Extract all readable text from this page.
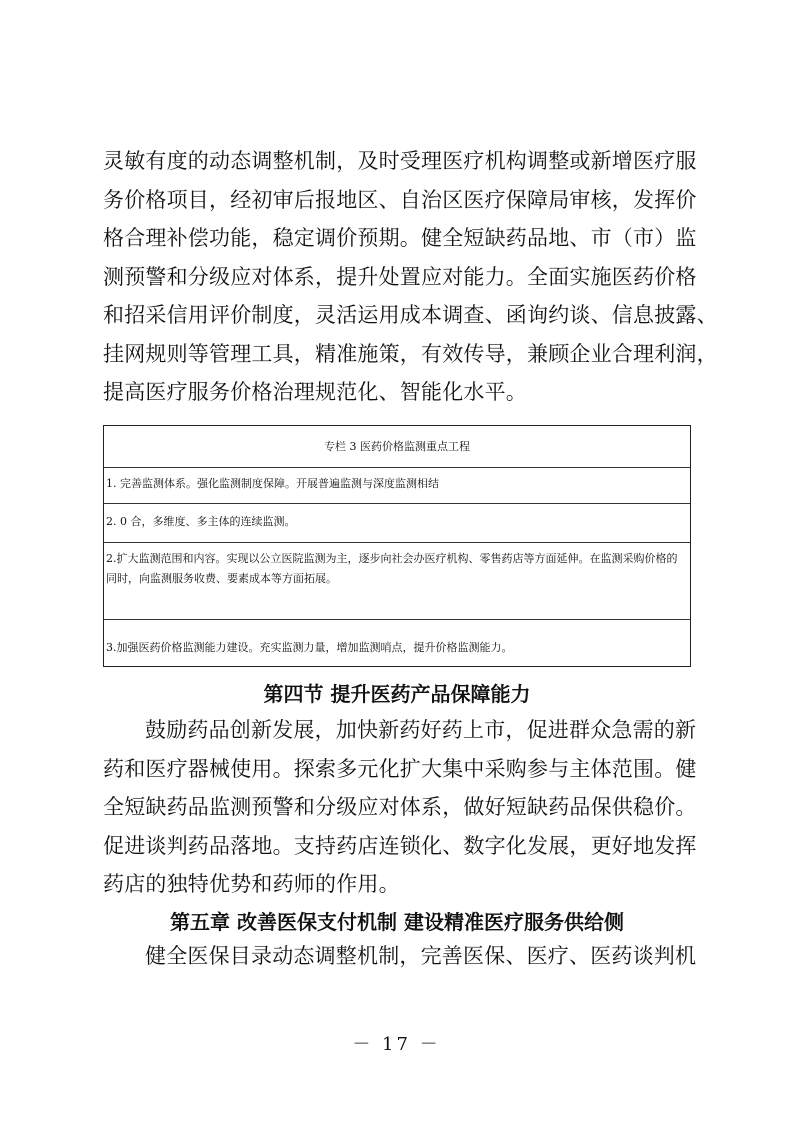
灵敏有度的动态调整机制，及时受理医疗机构调整或新增医疗服
务价格项目，经初审后报地区、自治区医疗保障局审核，发挥价
格合理补偿功能，稳定调价预期。健全短缺药品地、市（市）监
测预警和分级应对体系，提升处置应对能力。全面实施医药价格
和招采信用评价制度，灵活运用成本调查、函询约谈、信息披露、
挂网规则等管理工具，精准施策，有效传导，兼顾企业合理利润，
提高医疗服务价格治理规范化、智能化水平。
专栏 3 医药价格监测重点工程
1. 完善监测体系。强化监测制度保障。开展普遍监测与深度监测相结
2. 0 合，多维度、多主体的连续监测。
2.扩大监测范围和内容。实现以公立医院监测为主，逐步向社会办医疗机构、零售药店等方面延伸。在监测采购价格的同时，向监测服务收费、要素成本等方面拓展。
3.加强医药价格监测能力建设。充实监测力量，增加监测哨点，提升价格监测能力。
第四节 提升医药产品保障能力
鼓励药品创新发展，加快新药好药上市，促进群众急需的新
药和医疗器械使用。探索多元化扩大集中采购参与主体范围。健
全短缺药品监测预警和分级应对体系，做好短缺药品保供稳价。
促进谈判药品落地。支持药店连锁化、数字化发展，更好地发挥
药店的独特优势和药师的作用。
第五章 改善医保支付机制 建设精准医疗服务供给侧
健全医保目录动态调整机制，完善医保、医疗、医药谈判机
－ 17 －
